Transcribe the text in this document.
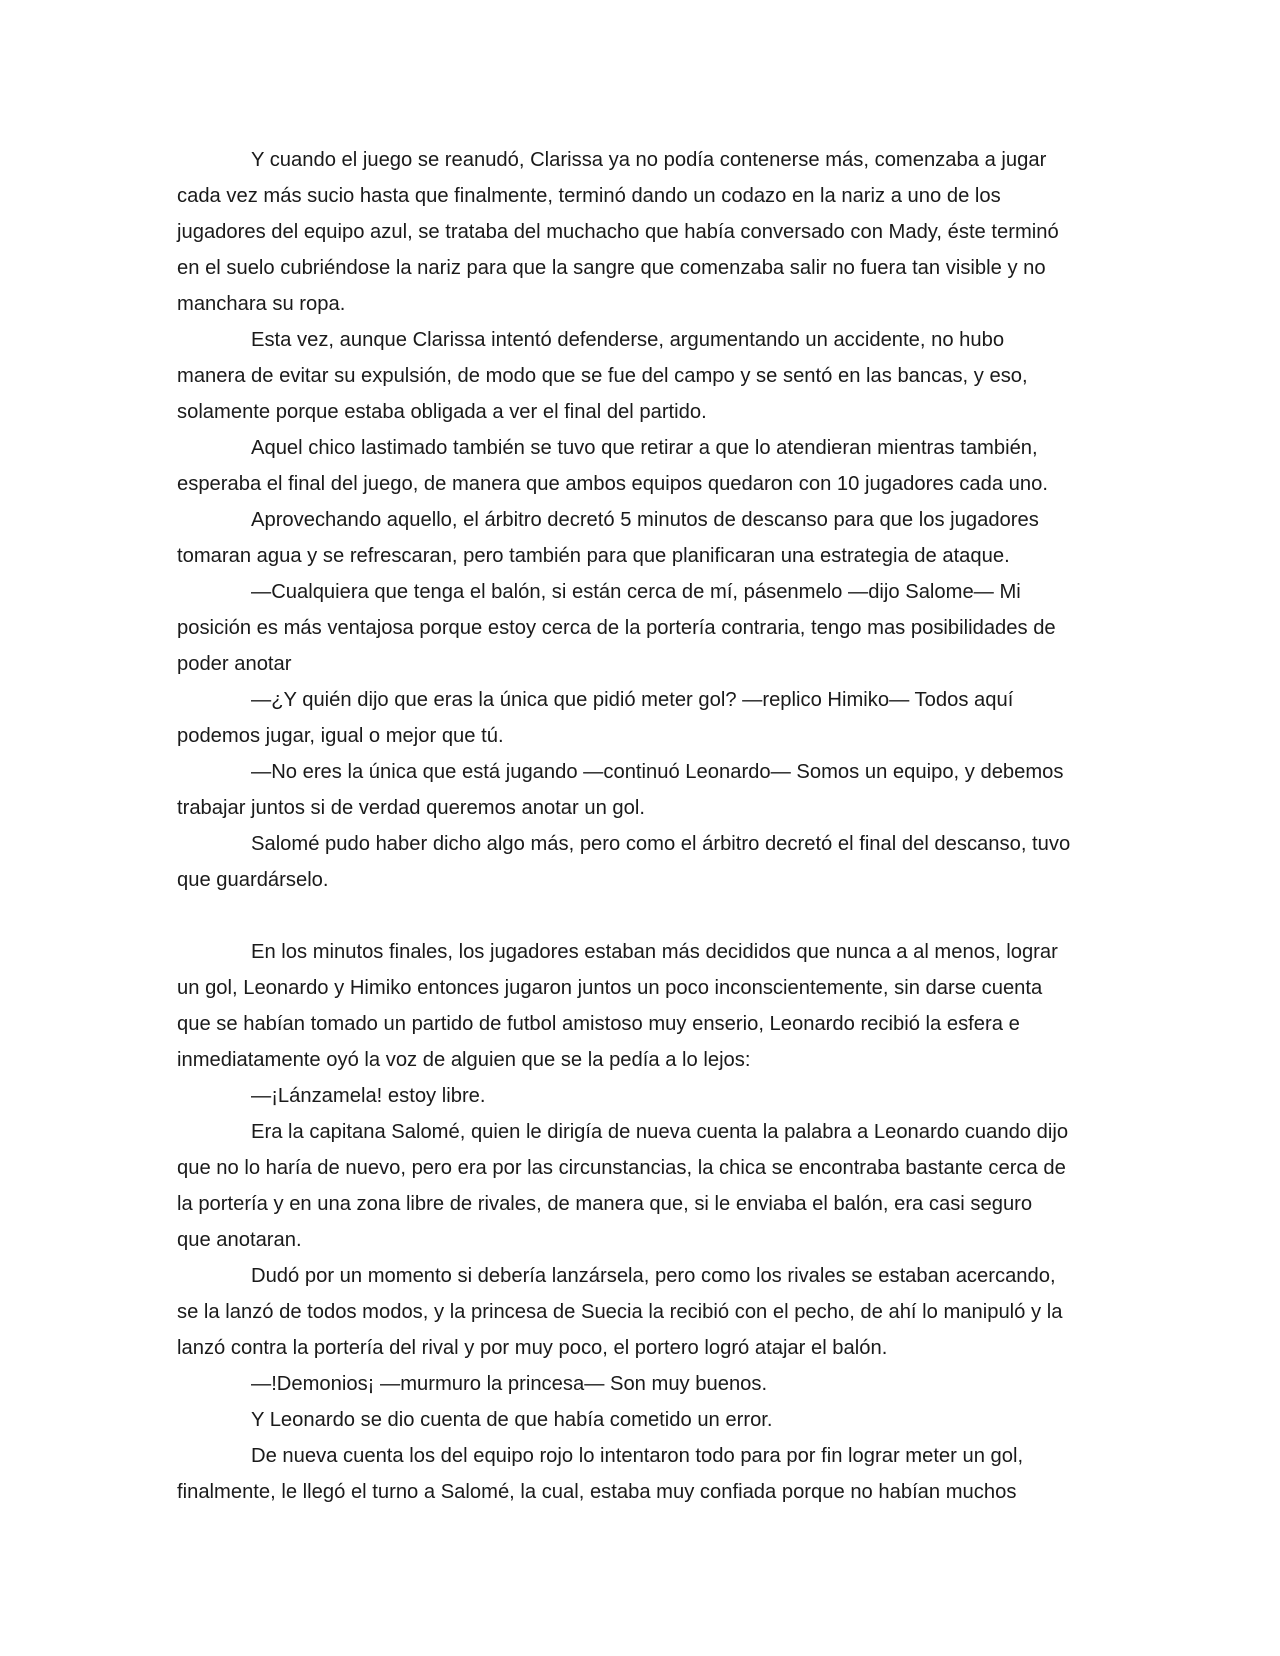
Y cuando el juego se reanudó, Clarissa ya no podía contenerse más, comenzaba a jugar
cada vez más sucio hasta que finalmente, terminó dando un codazo en la nariz a uno de los
jugadores del equipo azul, se trataba del muchacho que había conversado con Mady, éste terminó
en el suelo cubriéndose la nariz para que la sangre que comenzaba salir no fuera tan visible y no
manchara su ropa.

Esta vez, aunque Clarissa intentó defenderse, argumentando un accidente, no hubo
manera de evitar su expulsión, de modo que se fue del campo y se sentó en las bancas, y eso,
solamente porque estaba obligada a ver el final del partido.

Aquel chico lastimado también se tuvo que retirar a que lo atendieran mientras también,
esperaba el final del juego, de manera que ambos equipos quedaron con 10 jugadores cada uno.

Aprovechando aquello, el árbitro decretó 5 minutos de descanso para que los jugadores
tomaran agua y se refrescaran, pero también para que planificaran una estrategia de ataque.

—Cualquiera que tenga el balón, si están cerca de mí, pásenmelo —dijo Salome— Mi
posición es más ventajosa porque estoy cerca de la portería contraria, tengo mas posibilidades de
poder anotar

—¿Y quién dijo que eras la única que pidió meter gol? —replico Himiko— Todos aquí
podemos jugar, igual o mejor que tú.

—No eres la única que está jugando —continuó Leonardo— Somos un equipo, y debemos
trabajar juntos si de verdad queremos anotar un gol.

Salomé pudo haber dicho algo más, pero como el árbitro decretó el final del descanso, tuvo
que guardárselo.

En los minutos finales, los jugadores estaban más decididos que nunca a al menos, lograr
un gol, Leonardo y Himiko entonces jugaron juntos un poco inconscientemente, sin darse cuenta
que se habían tomado un partido de futbol amistoso muy enserio, Leonardo recibió la esfera e
inmediatamente oyó la voz de alguien que se la pedía a lo lejos:

—¡Lánzamela! estoy libre.

Era la capitana Salomé, quien le dirigía de nueva cuenta la palabra a Leonardo cuando dijo
que no lo haría de nuevo, pero era por las circunstancias, la chica se encontraba bastante cerca de
la portería y en una zona libre de rivales, de manera que, si le enviaba el balón, era casi seguro
que anotaran.

Dudó por un momento si debería lanzársela, pero como los rivales se estaban acercando,
se la lanzó de todos modos, y la princesa de Suecia la recibió con el pecho, de ahí lo manipuló y la
lanzó contra la portería del rival y por muy poco, el portero logró atajar el balón.

—!Demonios¡ —murmuro la princesa— Son muy buenos.

Y Leonardo se dio cuenta de que había cometido un error.

De nueva cuenta los del equipo rojo lo intentaron todo para por fin lograr meter un gol,
finalmente, le llegó el turno a Salomé, la cual, estaba muy confiada porque no habían muchos
